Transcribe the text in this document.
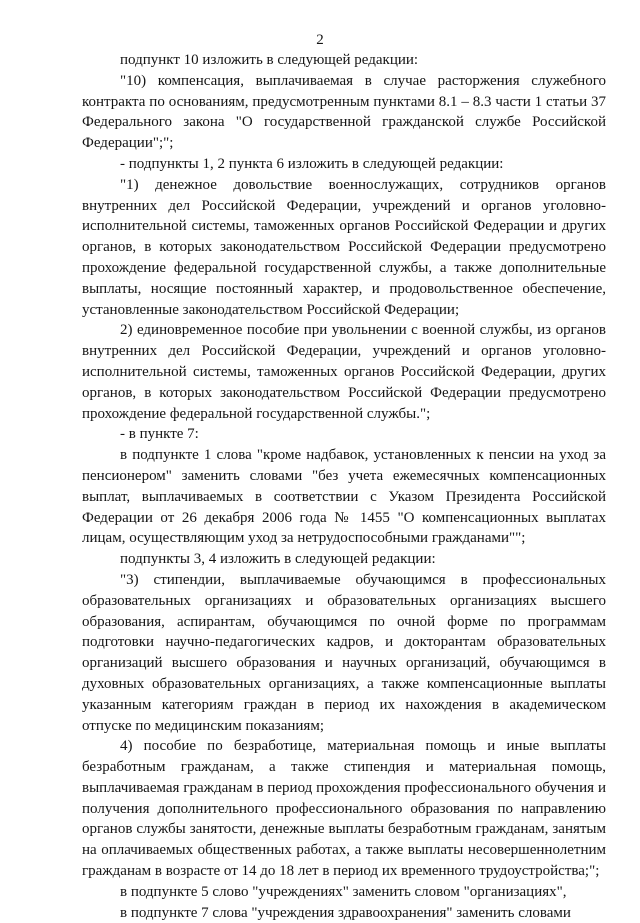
2

подпункт 10 изложить в следующей редакции:

"10) компенсация, выплачиваемая в случае расторжения служебного контракта по основаниям, предусмотренным пунктами 8.1 – 8.3 части 1 статьи 37 Федерального закона "О государственной гражданской службе Российской Федерации";";

- подпункты 1, 2 пункта 6 изложить в следующей редакции:

"1) денежное довольствие военнослужащих, сотрудников органов внутренних дел Российской Федерации, учреждений и органов уголовно-исполнительной системы, таможенных органов Российской Федерации и других органов, в которых законодательством Российской Федерации предусмотрено прохождение федеральной государственной службы, а также дополнительные выплаты, носящие постоянный характер, и продовольственное обеспечение, установленные законодательством Российской Федерации;

2) единовременное пособие при увольнении с военной службы, из органов внутренних дел Российской Федерации, учреждений и органов уголовно-исполнительной системы, таможенных органов Российской Федерации, других органов, в которых законодательством Российской Федерации предусмотрено прохождение федеральной государственной службы.";

- в пункте 7:

в подпункте 1 слова "кроме надбавок, установленных к пенсии на уход за пенсионером" заменить словами "без учета ежемесячных компенсационных выплат, выплачиваемых в соответствии с Указом Президента Российской Федерации от 26 декабря 2006 года № 1455 "О компенсационных выплатах лицам, осуществляющим уход за нетрудоспособными гражданами"";

подпункты 3, 4 изложить в следующей редакции:

"3) стипендии, выплачиваемые обучающимся в профессиональных образовательных организациях и образовательных организациях высшего образования, аспирантам, обучающимся по очной форме по программам подготовки научно-педагогических кадров, и докторантам образовательных организаций высшего образования и научных организаций, обучающимся в духовных образовательных организациях, а также компенсационные выплаты указанным категориям граждан в период их нахождения в академическом отпуске по медицинским показаниям;

4) пособие по безработице, материальная помощь и иные выплаты безработным гражданам, а также стипендия и материальная помощь, выплачиваемая гражданам в период прохождения профессионального обучения и получения дополнительного профессионального образования по направлению органов службы занятости, денежные выплаты безработным гражданам, занятым на оплачиваемых общественных работах, а также выплаты несовершеннолетним гражданам в возрасте от 14 до 18 лет в период их временного трудоустройства;";

в подпункте 5 слово "учреждениях" заменить словом "организациях",

в подпункте 7 слова "учреждения здравоохранения" заменить словами
